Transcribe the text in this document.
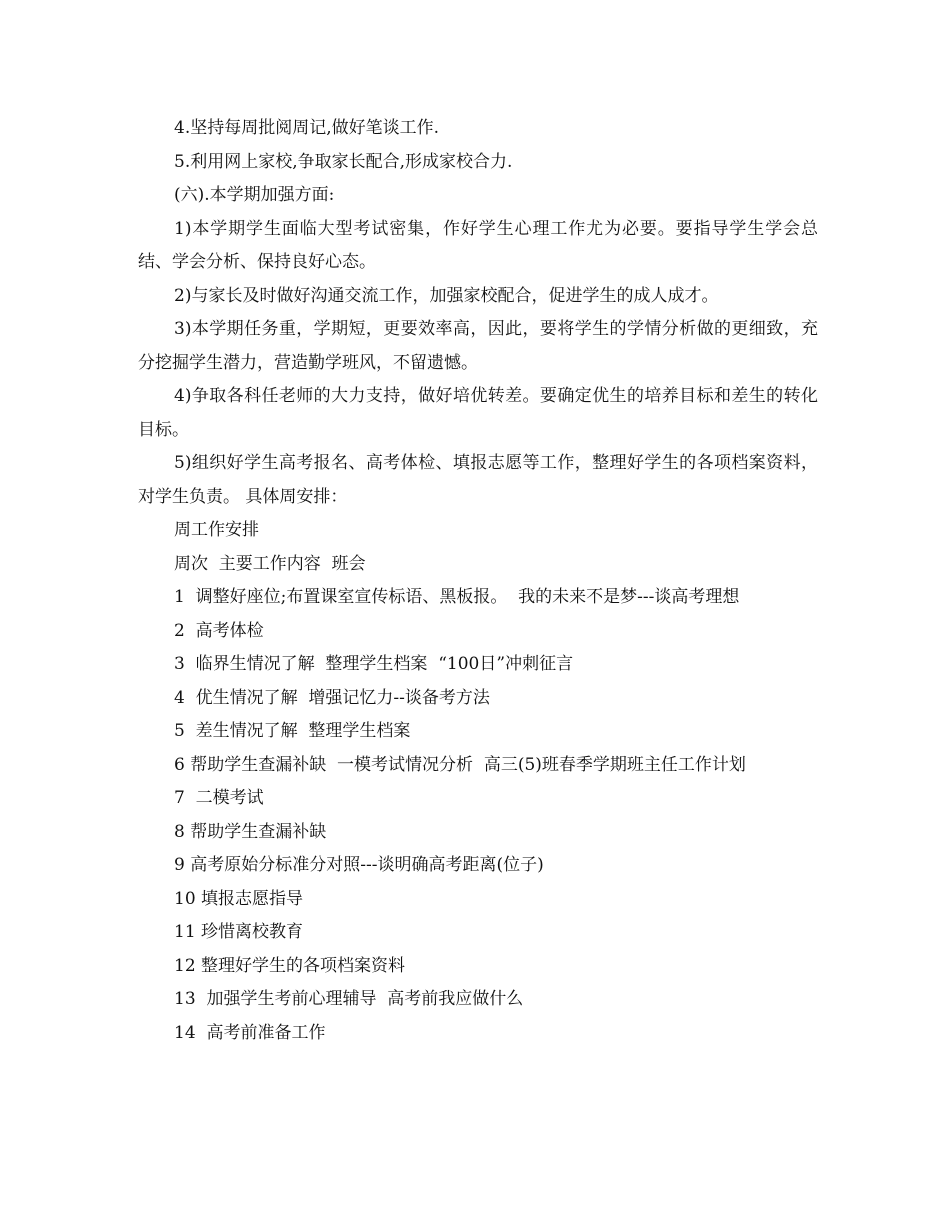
4.坚持每周批阅周记,做好笔谈工作.

5.利用网上家校,争取家长配合,形成家校合力.

(六).本学期加强方面:

1)本学期学生面临大型考试密集，作好学生心理工作尤为必要。要指导学生学会总结、学会分析、保持良好心态。

2)与家长及时做好沟通交流工作，加强家校配合，促进学生的成人成才。

3)本学期任务重，学期短，更要效率高，因此，要将学生的学情分析做的更细致，充分挖掘学生潜力，营造勤学班风，不留遗憾。

4)争取各科任老师的大力支持，做好培优转差。要确定优生的培养目标和差生的转化目标。

5)组织好学生高考报名、高考体检、填报志愿等工作，整理好学生的各项档案资料，对学生负责。 具体周安排：

周工作安排

周次  主要工作内容  班会

1  调整好座位;布置课室宣传标语、黑板报。  我的未来不是梦---谈高考理想

2  高考体检

3  临界生情况了解  整理学生档案  “100日”冲刺征言

4  优生情况了解  增强记忆力--谈备考方法

5  差生情况了解  整理学生档案

6 帮助学生查漏补缺  一模考试情况分析  高三(5)班春季学期班主任工作计划

7  二模考试

8 帮助学生查漏补缺

9 高考原始分标准分对照---谈明确高考距离(位子)

10 填报志愿指导

11 珍惜离校教育

12 整理好学生的各项档案资料

13  加强学生考前心理辅导  高考前我应做什么

14  高考前准备工作
